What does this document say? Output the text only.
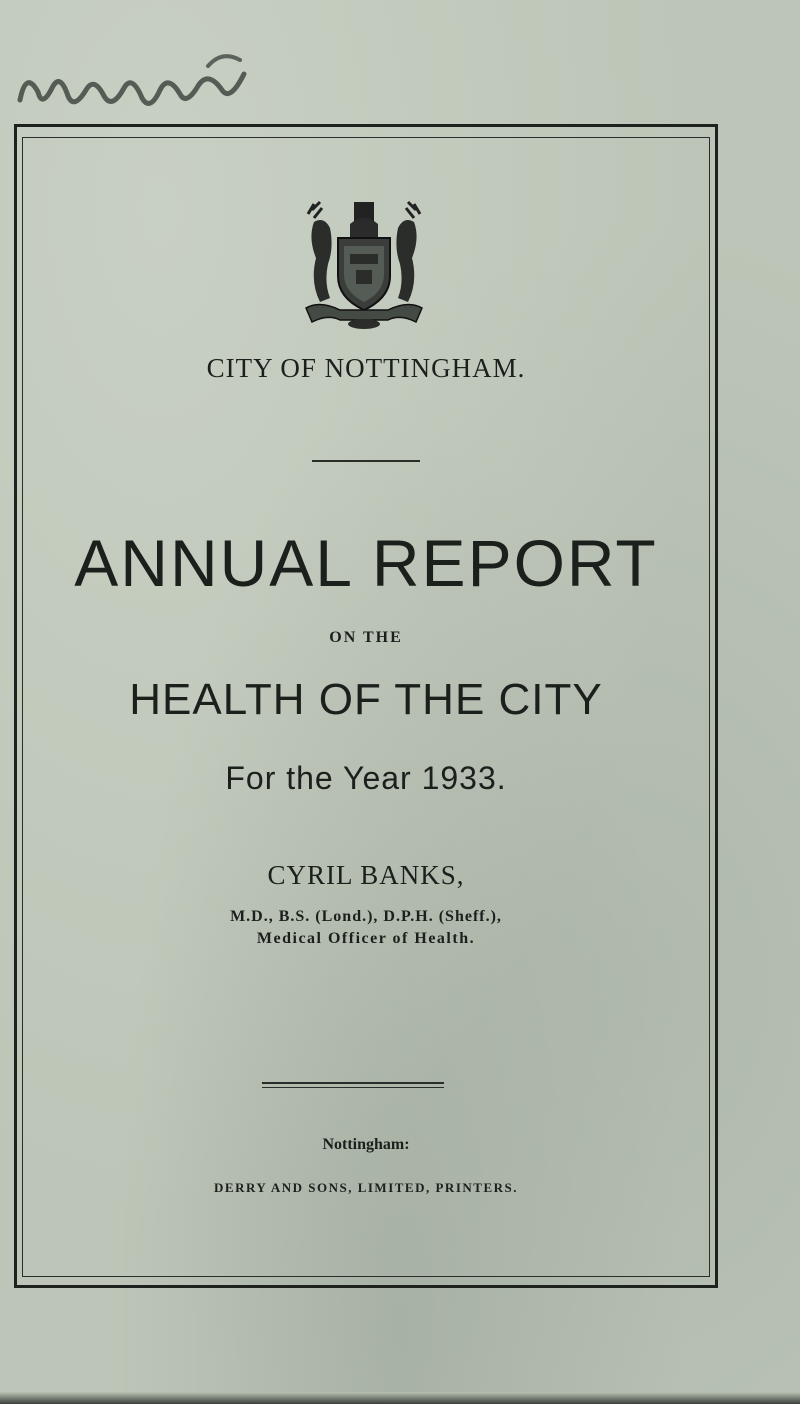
CITY OF NOTTINGHAM.
ANNUAL REPORT
ON THE
HEALTH OF THE CITY
For the Year 1933.
CYRIL BANKS,
M.D., B.S. (Lond.), D.P.H. (Sheff.),
Medical Officer of Health.
Nottingham:
DERRY AND SONS, LIMITED, PRINTERS.
